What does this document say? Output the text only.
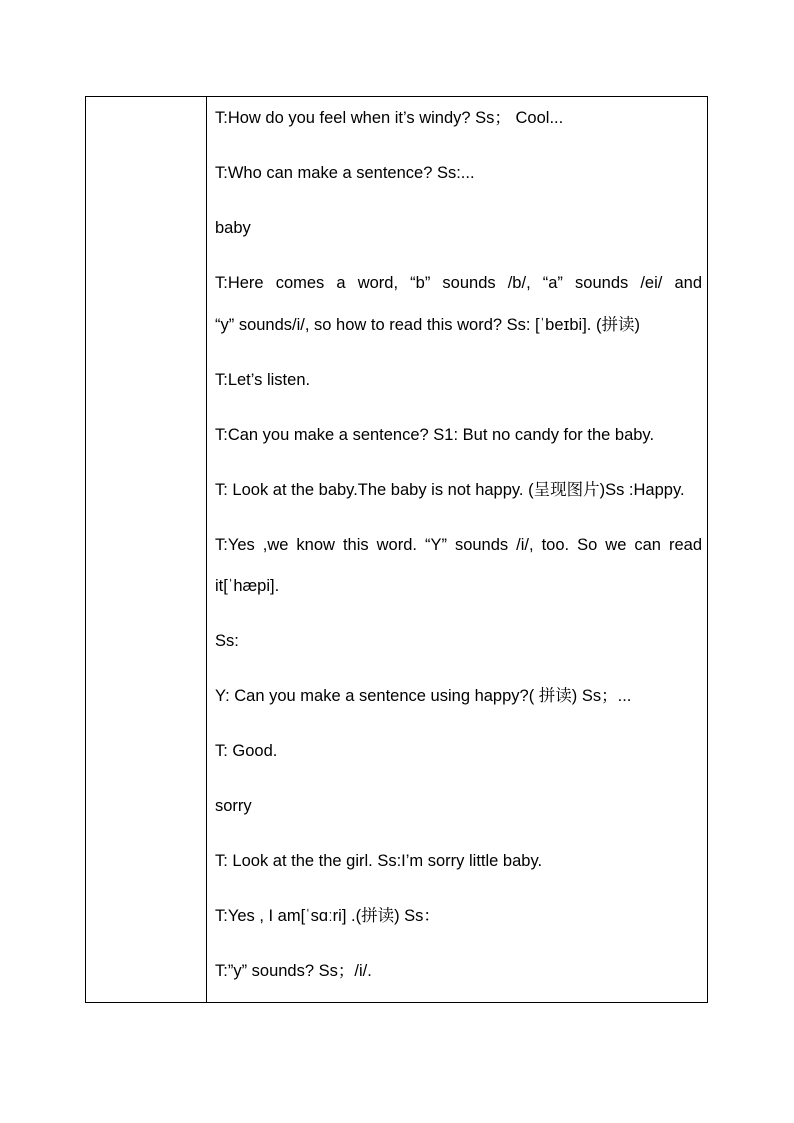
T:How do you feel when it’s windy? Ss； Cool...
T:Who can make a sentence? Ss:...
baby
T:Here comes a word, “b” sounds /b/, “a” sounds /ei/ and
“y” sounds/i/, so how to read this word? Ss: [ˈbeɪbi]. (拼读)
T:Let’s listen.
T:Can you make a sentence? S1: But no candy for the baby.
T: Look at the baby.The baby is not happy. (呈现图片)Ss :Happy.
T:Yes ,we know this word. “Y” sounds /i/, too. So we can read
it[ˈhæpi].
Ss:
Y: Can you make a sentence using happy?( 拼读) Ss；...
T: Good.
sorry
T: Look at the the girl. Ss:I’m sorry little baby.
T:Yes , I am[ˈsɑːri] .(拼读) Ss：
T:”y” sounds? Ss；/i/.
